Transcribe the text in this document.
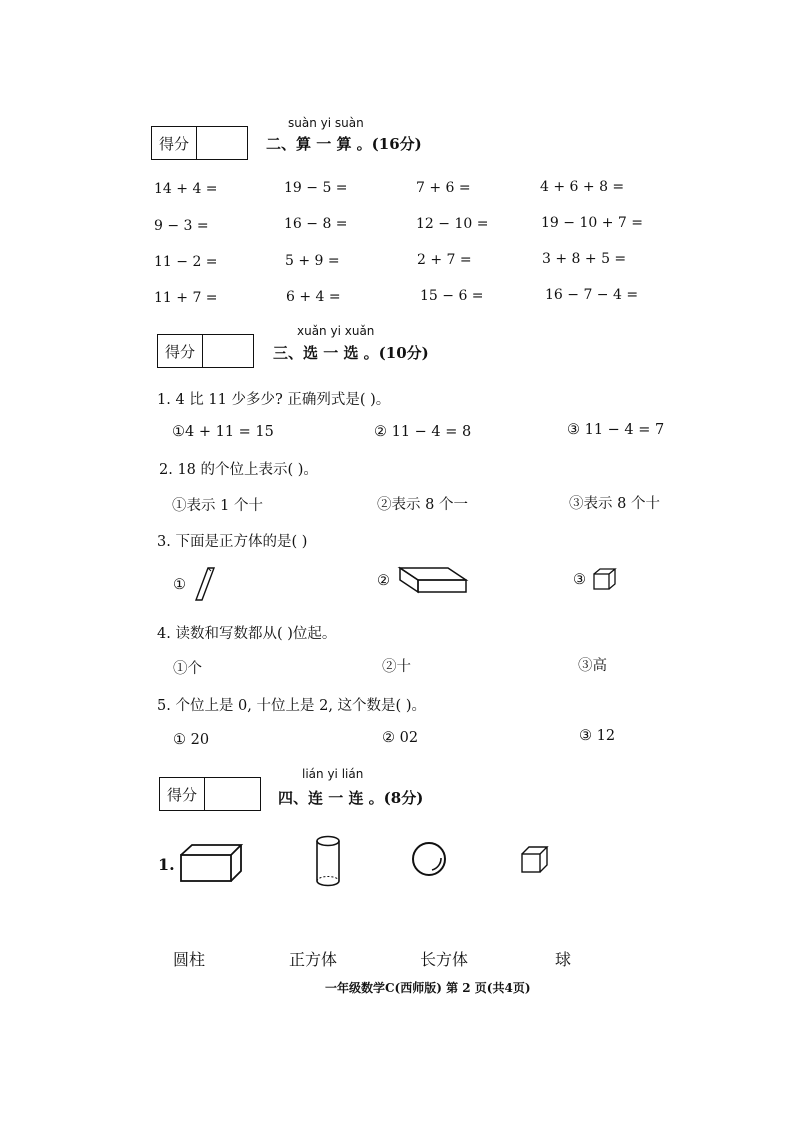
suàn yi suàn
得分	二、算 一 算 。(16分)
14 + 4 =	19 − 5 =	7 + 6 =	4 + 6 + 8 =
9 − 3 =	16 − 8 =	12 − 10 =	19 − 10 + 7 =
11 − 2 =	5 + 9 =	2 + 7 =	3 + 8 + 5 =
11 + 7 =	6 + 4 =	15 − 6 =	16 − 7 − 4 =
xuǎn yi xuǎn
得分	三、选 一 选 。(10分)
1. 4 比 11 少多少? 正确列式是( )。
①4 + 11 = 15	② 11 − 4 = 8	③ 11 − 4 = 7
2. 18 的个位上表示( )。
①表示 1 个十	②表示 8 个一	③表示 8 个十
3. 下面是正方体的是( )
①	②	③
4. 读数和写数都从( )位起。
①个	②十	③高
5. 个位上是 0, 十位上是 2, 这个数是( )。
① 20	② 02	③ 12
lián yi lián
得分	四、连 一 连 。(8分)
1.
圆柱	正方体	长方体	球
一年级数学C(西师版) 第 2 页(共4页)
